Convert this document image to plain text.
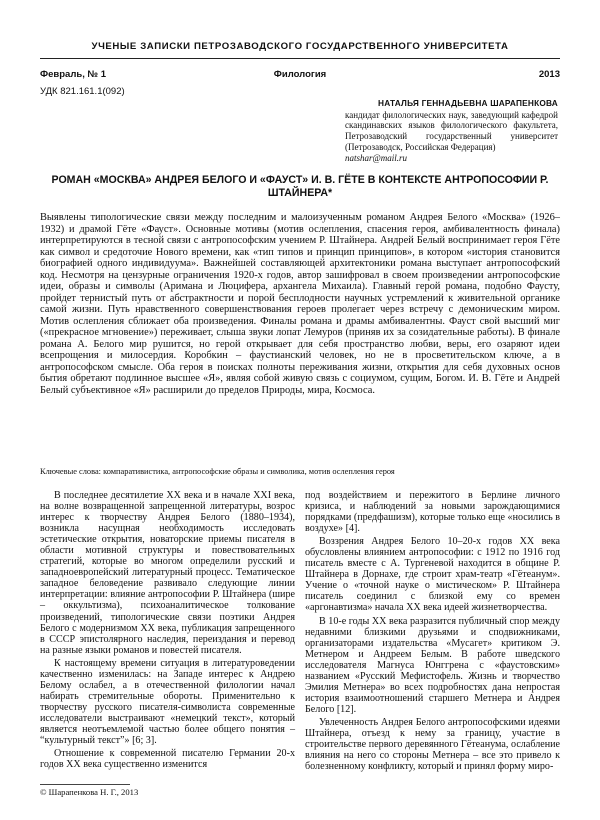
УЧЕНЫЕ ЗАПИСКИ ПЕТРОЗАВОДСКОГО ГОСУДАРСТВЕННОГО УНИВЕРСИТЕТА
Февраль, № 1	Филология	2013
УДК 821.161.1(092)
НАТАЛЬЯ ГЕННАДЬЕВНА ШАРАПЕНКОВА
кандидат филологических наук, заведующий кафедрой скандинавских языков филологического факультета, Петрозаводский государственный университет (Петрозаводск, Российская Федерация)
natshar@mail.ru
РОМАН «МОСКВА» АНДРЕЯ БЕЛОГО И «ФАУСТ» И. В. ГЁТЕ В КОНТЕКСТЕ АНТРОПОСОФИИ Р. ШТАЙНЕРА*
Выявлены типологические связи между последним и малоизученным романом Андрея Белого «Москва» (1926–1932) и драмой Гёте «Фауст». Основные мотивы (мотив ослепления, спасения героя, амбивалентность финала) интерпретируются в тесной связи с антропософским учением Р. Штайнера. Андрей Белый воспринимает героя Гёте как символ и средоточие Нового времени, как «тип типов и принцип принципов», в котором «история становится биографией одного индивидуума». Важнейшей составляющей архитектоники романа выступает антропософский код. Несмотря на цензурные ограничения 1920-х годов, автор зашифровал в своем произведении антропософские идеи, образы и символы (Аримана и Люцифера, архангела Михаила). Главный герой романа, подобно Фаусту, пройдет тернистый путь от абстрактности и порой бесплодности научных устремлений к живительной органике самой жизни. Путь нравственного совершенствования героев пролегает через встречу с демоническим миром. Мотив ослепления сближает оба произведения. Финалы романа и драмы амбивалентны. Фауст свой высший миг («прекрасное мгновение») переживает, слыша звуки лопат Лемуров (приняв их за созидательные работы). В финале романа А. Белого мир рушится, но герой открывает для себя пространство любви, веры, его озаряют идеи всепрощения и милосердия. Коробкин – фаустианский человек, но не в просветительском ключе, а в антропософском смысле. Оба героя в поисках полноты переживания жизни, открытия для себя духовных основ бытия обретают подлинное высшее «Я», являя собой живую связь с социумом, сущим, Богом. И. В. Гёте и Андрей Белый субъективное «Я» расширили до пределов Природы, мира, Космоса.
Ключевые слова: компаративистика, антропософские образы и символика, мотив ослепления героя

В последнее десятилетие XX века и в начале XXI века, на волне возвращенной запрещенной литературы, возрос интерес к творчеству Андрея Белого (1880–1934), возникла насущная необходимость исследовать эстетические открытия, новаторские приемы писателя в области мотивной структуры и повествовательных стратегий, которые во многом определили русский и западноевропейский литературный процесс. Тематическое западное беловедение развивало следующие линии интерпретации: влияние антропософии Р. Штайнера (шире – оккультизма), психоаналитическое толкование произведений, типологические связи поэтики Андрея Белого с модернизмом XX века, публикация запрещенного в СССР эпистолярного наследия, переиздания и перевод на разные языки романов и повестей писателя.

К настоящему времени ситуация в литературоведении качественно изменилась: на Западе интерес к Андрею Белому ослабел, а в отечественной филологии начал набирать стремительные обороты. Применительно к творчеству русского писателя-символиста современные исследователи выстраивают «немецкий текст», который является неотъемлемой частью более общего понятия – “культурный текст”» [6; 3].

Отношение к современной писателю Германии 20-х годов XX века существенно изменится

под воздействием и пережитого в Берлине личного кризиса, и наблюдений за новыми зарождающимися порядками (предфашизм), которые только еще «носились в воздухе» [4].

Воззрения Андрея Белого 10–20-х годов XX века обусловлены влиянием антропософии: с 1912 по 1916 год писатель вместе с А. Тургеневой находится в общине Р. Штайнера в Дорнахе, где строит храм-театр «Гётеанум». Учение о «точной науке о мистическом» Р. Штайнера писатель соединил с близкой ему со времен «аргонавтизма» начала XX века идеей жизнетворчества.

В 10-е годы XX века разразится публичный спор между недавними близкими друзьями и сподвижниками, организаторами издательства «Мусагет» критиком Э. Метнером и Андреем Белым. В работе шведского исследователя Магнуса Юнггрена с «фаустовским» названием «Русский Мефистофель. Жизнь и творчество Эмилия Метнера» во всех подробностях дана непростая история взаимоотношений старшего Метнера и Андрея Белого [12].

Увлеченность Андрея Белого антропософскими идеями Штайнера, отъезд к нему за границу, участие в строительстве первого деревянного Гётеанума, ослабление влияния на него со стороны Метнера – все это привело к болезненному конфликту, который и принял форму миро-

© Шарапенкова Н. Г., 2013
